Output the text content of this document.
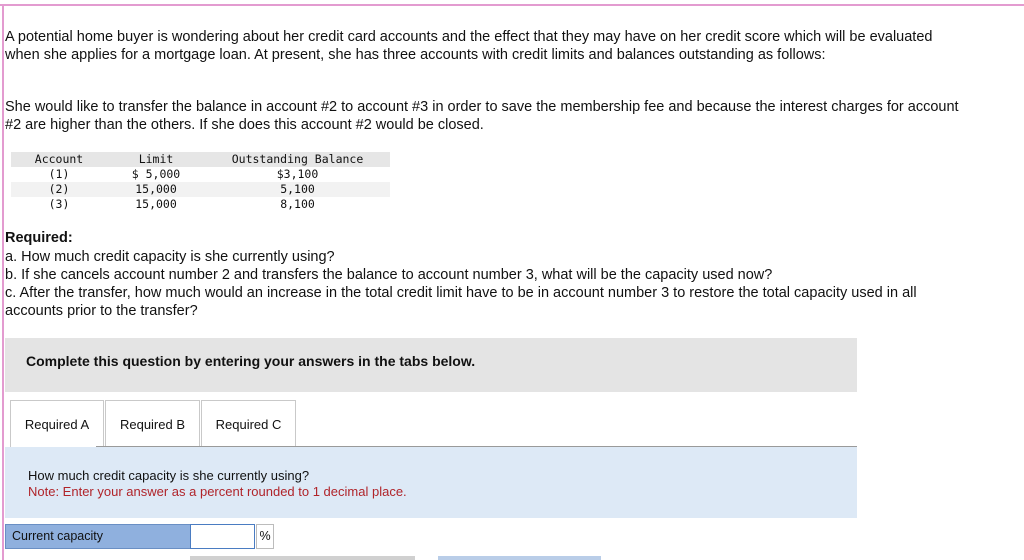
A potential home buyer is wondering about her credit card accounts and the effect that they may have on her credit score which will be evaluated when she applies for a mortgage loan. At present, she has three accounts with credit limits and balances outstanding as follows:

She would like to transfer the balance in account #2 to account #3 in order to save the membership fee and because the interest charges for account #2 are higher than the others. If she does this account #2 would be closed.

Account	Limit	Outstanding Balance
(1)	$ 5,000	$3,100
(2)	15,000	5,100
(3)	15,000	8,100
Required:
a. How much credit capacity is she currently using?
b. If she cancels account number 2 and transfers the balance to account number 3, what will be the capacity used now?
c. After the transfer, how much would an increase in the total credit limit have to be in account number 3 to restore the total capacity used in all accounts prior to the transfer?
Complete this question by entering your answers in the tabs below.
Required A	Required B	Required C
How much credit capacity is she currently using?
Note: Enter your answer as a percent rounded to 1 decimal place.
Current capacity	%
